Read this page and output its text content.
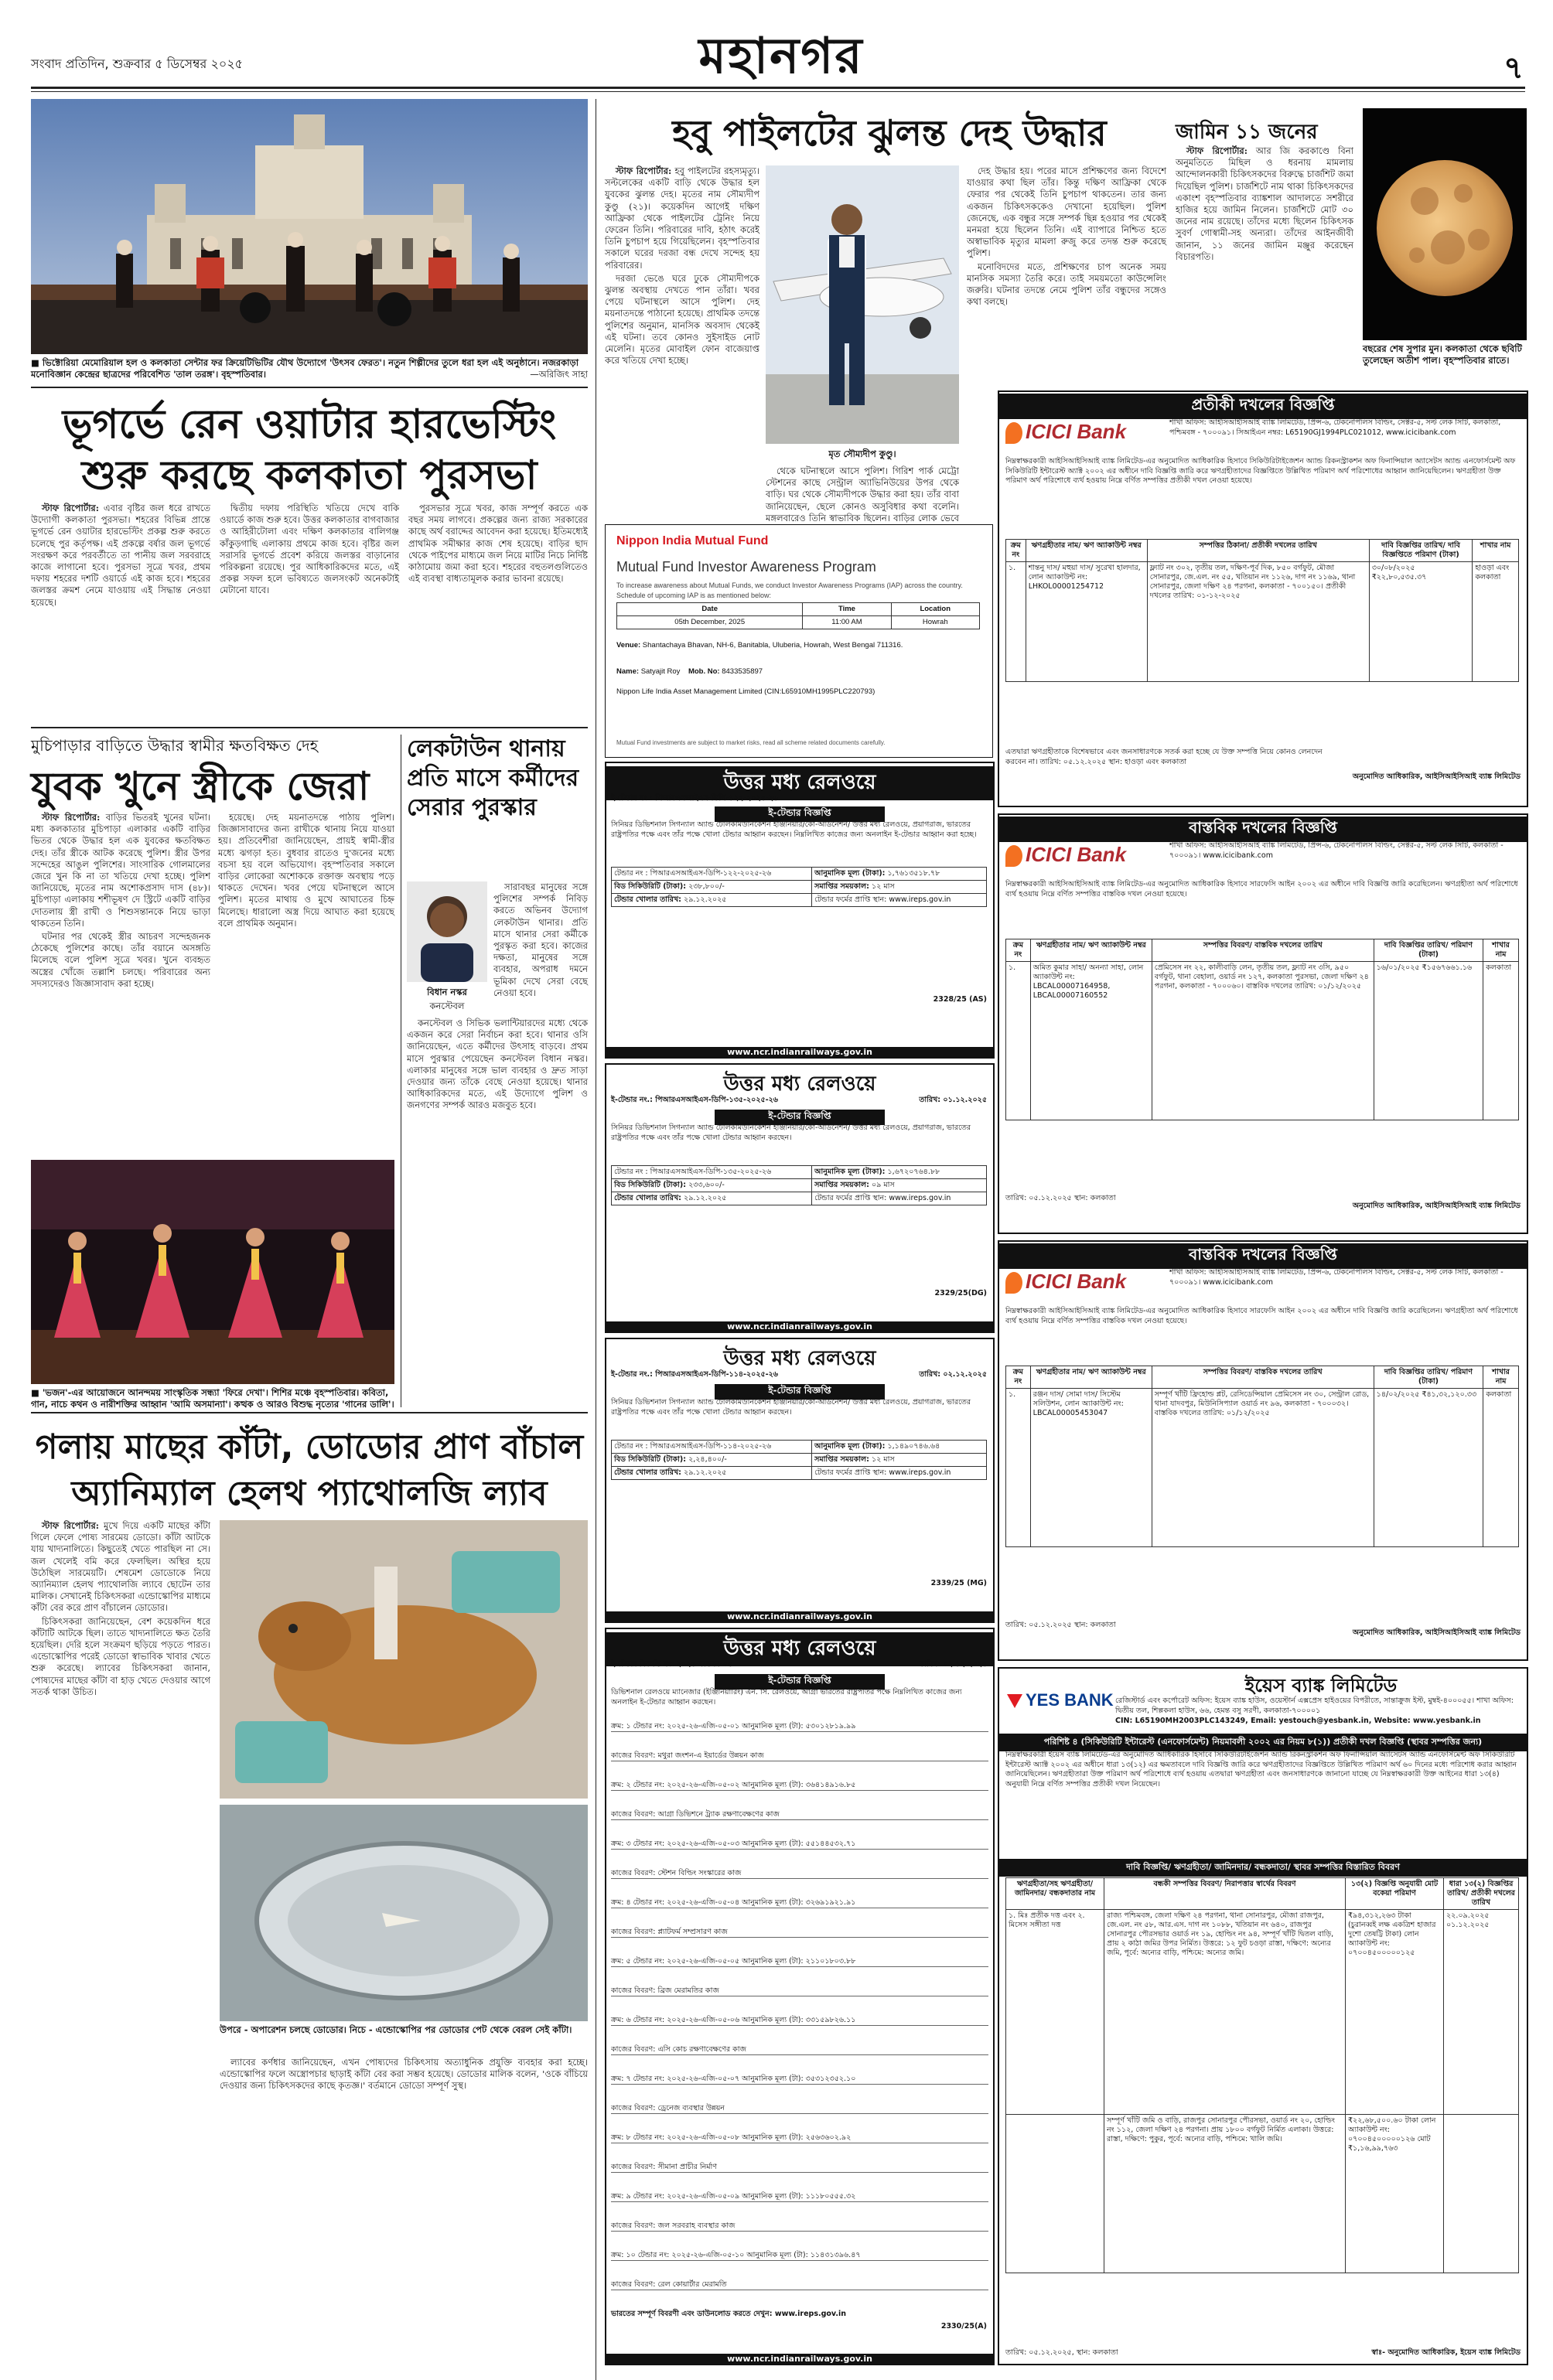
সংবাদ প্রতিদিন, শুক্রবার ৫ ডিসেম্বর ২০২৫	মহানগর	৭
■ ভিক্টোরিয়া মেমোরিয়াল হল ও কলকাতা সেন্টার ফর ক্রিয়েটিভিটির যৌথ উদ্যোগে 'উৎসব ফেরত'। নতুন শিল্পীদের তুলে ধরা হল এই অনুষ্ঠানে। নজরকাড়া মনোবিজ্ঞান কেন্দ্রের ছাত্রদের পরিবেশিত 'তাল তরঙ্গ'। বৃহস্পতিবার।	—অরিজিৎ সাহা
হবু পাইলটের ঝুলন্ত দেহ উদ্ধার

স্টাফ রিপোর্টার: হবু পাইলটের রহস্যমৃত্যু। সল্টলেকের একটি বাড়ি থেকে উদ্ধার হল যুবকের ঝুলন্ত দেহ। মৃতের নাম সৌম্যদীপ কুণ্ডু (২১)। কয়েকদিন আগেই দক্ষিণ আফ্রিকা থেকে পাইলটের ট্রেনিং নিয়ে ফেরেন তিনি। পরিবারের দাবি, হঠাৎ করেই তিনি চুপচাপ হয়ে গিয়েছিলেন। বৃহস্পতিবার সকালে ঘরের দরজা বন্ধ দেখে সন্দেহ হয় পরিবারের।

দরজা ভেঙে ঘরে ঢুকে সৌম্যদীপকে ঝুলন্ত অবস্থায় দেখতে পান তাঁরা। খবর পেয়ে ঘটনাস্থলে আসে পুলিশ। দেহ ময়নাতদন্তে পাঠানো হয়েছে। প্রাথমিক তদন্তে পুলিশের অনুমান, মানসিক অবসাদ থেকেই এই ঘটনা। তবে কোনও সুইসাইড নোট মেলেনি। মৃতের মোবাইল ফোন বাজেয়াপ্ত করে খতিয়ে দেখা হচ্ছে।

মৃত সৌম্যদীপ কুণ্ডু।

থেকে ঘটনাস্থলে আসে পুলিশ। গিরিশ পার্ক মেট্রো স্টেশনের কাছে সেন্ট্রাল অ্যাভিনিউয়ের উপর থেকে বাড়ি। ঘর থেকে সৌম্যদীপকে উদ্ধার করা হয়। তাঁর বাবা জানিয়েছেন, ছেলে কোনও অসুবিধার কথা বলেনি। মঙ্গলবারেও তিনি স্বাভাবিক ছিলেন। বাড়ির লোক ভেবে

দেহ উদ্ধার হয়। পরের মাসে প্রশিক্ষণের জন্য বিদেশে যাওয়ার কথা ছিল তাঁর। কিন্তু দক্ষিণ আফ্রিকা থেকে ফেরার পর থেকেই তিনি চুপচাপ থাকতেন। তার জন্য একজন চিকিৎসককেও দেখানো হয়েছিল। পুলিশ জেনেছে, এক বন্ধুর সঙ্গে সম্পর্ক ছিন্ন হওয়ার পর থেকেই মনমরা হয়ে ছিলেন তিনি। এই ব্যাপারে নিশ্চিত হতে অস্বাভাবিক মৃত্যুর মামলা রুজু করে তদন্ত শুরু করেছে পুলিশ।

মনোবিদদের মতে, প্রশিক্ষণের চাপ অনেক সময় মানসিক সমস্যা তৈরি করে। তাই সময়মতো কাউন্সেলিং জরুরি। ঘটনার তদন্তে নেমে পুলিশ তাঁর বন্ধুদের সঙ্গেও কথা বলছে।

জামিন ১১ জনের

স্টাফ রিপোর্টার: আর জি করকাণ্ডে বিনা অনুমতিতে মিছিল ও ধরনায় মামলায় আন্দোলনকারী চিকিৎসকদের বিরুদ্ধে চার্জশিট জমা দিয়েছিল পুলিশ। চার্জশিটে নাম থাকা চিকিৎসকদের একাংশ বৃহস্পতিবার ব্যাঙ্কশাল আদালতে সশরীরে হাজির হয়ে জামিন নিলেন। চার্জশিটে মোট ৩০ জনের নাম রয়েছে। তাঁদের মধ্যে ছিলেন চিকিৎসক সুবর্ণ গোস্বামী-সহ অন্যরা। তাঁদের আইনজীবী জানান, ১১ জনের জামিন মঞ্জুর করেছেন বিচারপতি।

বছরের শেষ সুপার মুন। কলকাতা থেকে ছবিটি তুলেছেন অতীশ পাল। বৃহস্পতিবার রাতে।
ভূগর্ভে রেন ওয়াটার হারভেস্টিং
শুরু করছে কলকাতা পুরসভা

স্টাফ রিপোর্টার: এবার বৃষ্টির জল ধরে রাখতে উদ্যোগী কলকাতা পুরসভা। শহরের বিভিন্ন প্রান্তে ভূগর্ভে রেন ওয়াটার হারভেস্টিং প্রকল্প শুরু করতে চলেছে পুর কর্তৃপক্ষ। এই প্রকল্পে বর্ষার জল ভূগর্ভে সংরক্ষণ করে পরবর্তীতে তা পানীয় জল সরবরাহে কাজে লাগানো হবে। পুরসভা সূত্রে খবর, প্রথম দফায় শহরের দশটি ওয়ার্ডে এই কাজ হবে। শহরের জলস্তর ক্রমশ নেমে যাওয়ায় এই সিদ্ধান্ত নেওয়া হয়েছে।

দ্বিতীয় দফায় পরিস্থিতি খতিয়ে দেখে বাকি ওয়ার্ডে কাজ শুরু হবে। উত্তর কলকাতার বাগবাজার ও আহিরীটোলা এবং দক্ষিণ কলকাতার বালিগঞ্জ কাঁকুড়গাছি এলাকায় প্রথমে কাজ হবে। বৃষ্টির জল সরাসরি ভূগর্ভে প্রবেশ করিয়ে জলস্তর বাড়ানোর পরিকল্পনা রয়েছে। পুর আধিকারিকদের মতে, এই প্রকল্প সফল হলে ভবিষ্যতে জলসংকট অনেকটাই মেটানো যাবে।

পুরসভার সূত্রে খবর, কাজ সম্পূর্ণ করতে এক বছর সময় লাগবে। প্রকল্পের জন্য রাজ্য সরকারের কাছে অর্থ বরাদ্দের আবেদন করা হয়েছে। ইতিমধ্যেই প্রাথমিক সমীক্ষার কাজ শেষ হয়েছে। বাড়ির ছাদ থেকে পাইপের মাধ্যমে জল নিয়ে মাটির নিচে নির্দিষ্ট কাঠামোয় জমা করা হবে। শহরের বহুতলগুলিতেও এই ব্যবস্থা বাধ্যতামূলক করার ভাবনা রয়েছে।

মুচিপাড়ার বাড়িতে উদ্ধার স্বামীর ক্ষতবিক্ষত দেহ
যুবক খুনে স্ত্রীকে জেরা

স্টাফ রিপোর্টার: বাড়ির ভিতরই খুনের ঘটনা। মধ্য কলকাতার মুচিপাড়া এলাকার একটি বাড়ির ভিতর থেকে উদ্ধার হল এক যুবকের ক্ষতবিক্ষত দেহ। তাঁর স্ত্রীকে আটক করেছে পুলিশ। স্ত্রীর উপর সন্দেহের আঙুল পুলিশের। সাংসারিক গোলমালের জেরে খুন কি না তা খতিয়ে দেখা হচ্ছে। পুলিশ জানিয়েছে, মৃতের নাম অশোকপ্রসাদ দাস (৪৮)। মুচিপাড়া এলাকায় শশীভূষণ দে স্ট্রিটে একটি বাড়ির দোতলায় স্ত্রী রাখী ও শিশুসন্তানকে নিয়ে ভাড়া থাকতেন তিনি।

ঘটনার পর থেকেই স্ত্রীর আচরণ সন্দেহজনক ঠেকেছে পুলিশের কাছে। তাঁর বয়ানে অসঙ্গতি মিলেছে বলে পুলিশ সূত্রে খবর। খুনে ব্যবহৃত অস্ত্রের খোঁজে তল্লাশি চলছে। পরিবারের অন্য সদস্যদেরও জিজ্ঞাসাবাদ করা হচ্ছে।

হয়েছে। দেহ ময়নাতদন্তে পাঠায় পুলিশ। জিজ্ঞাসাবাদের জন্য রাখীকে থানায় নিয়ে যাওয়া হয়। প্রতিবেশীরা জানিয়েছেন, প্রায়ই স্বামী-স্ত্রীর মধ্যে ঝগড়া হত। বুধবার রাতেও দু'জনের মধ্যে বচসা হয় বলে অভিযোগ। বৃহস্পতিবার সকালে বাড়ির লোকেরা অশোককে রক্তাক্ত অবস্থায় পড়ে থাকতে দেখেন। খবর পেয়ে ঘটনাস্থলে আসে পুলিশ। মৃতের মাথায় ও মুখে আঘাতের চিহ্ন মিলেছে। ধারালো অস্ত্র দিয়ে আঘাত করা হয়েছে বলে প্রাথমিক অনুমান।

লেকটাউন থানায় প্রতি মাসে কর্মীদের সেরার পুরস্কার
বিধান নস্কর
কনস্টেবল

সারাবছর মানুষের সঙ্গে পুলিশের সম্পর্ক নিবিড় করতে অভিনব উদ্যোগ লেকটাউন থানার। প্রতি মাসে থানার সেরা কর্মীকে পুরস্কৃত করা হবে। কাজের দক্ষতা, মানুষের সঙ্গে ব্যবহার, অপরাধ দমনে ভূমিকা দেখে সেরা বেছে নেওয়া হবে।

কনস্টেবল ও সিভিক ভলান্টিয়ারদের মধ্যে থেকে একজন করে সেরা নির্বাচন করা হবে। থানার ওসি জানিয়েছেন, এতে কর্মীদের উৎসাহ বাড়বে। প্রথম মাসে পুরস্কার পেয়েছেন কনস্টেবল বিধান নস্কর। এলাকার মানুষের সঙ্গে ভাল ব্যবহার ও দ্রুত সাড়া দেওয়ার জন্য তাঁকে বেছে নেওয়া হয়েছে। থানার আধিকারিকদের মতে, এই উদ্যোগে পুলিশ ও জনগণের সম্পর্ক আরও মজবুত হবে।

■ 'ভজন'-এর আয়োজনে আনন্দময় সাংস্কৃতিক সন্ধ্যা 'ফিরে দেখা'। শিশির মঞ্চে বৃহস্পতিবার। কবিতা, গান, নাচে কথন ও নারীশক্তির আহ্বান 'আমি অসমান্যা'। কত্থক ও আরও বিশুদ্ধ নৃত্যের 'গানের ডালি'।
গলায় মাছের কাঁটা, ডোডোর প্রাণ বাঁচাল
অ্যানিম্যাল হেলথ প্যাথোলজি ল্যাব

স্টাফ রিপোর্টার: মুখে দিয়ে একটি মাছের কাঁটা গিলে ফেলে পোষ্য সারমেয় ডোডো। কাঁটা আটকে যায় খাদ্যনালিতে। কিছুতেই খেতে পারছিল না সে। জল খেলেই বমি করে ফেলছিল। অস্থির হয়ে উঠেছিল সারমেয়টি। শেষমেশ ডোডোকে নিয়ে অ্যানিম্যাল হেলথ প্যাথোলজি ল্যাবে ছোটেন তার মালিক। সেখানেই চিকিৎসকরা এন্ডোস্কোপির মাধ্যমে কাঁটা বের করে প্রাণ বাঁচালেন ডোডোর।

চিকিৎসকরা জানিয়েছেন, বেশ কয়েকদিন ধরে কাঁটাটি আটকে ছিল। তাতে খাদ্যনালিতে ক্ষত তৈরি হয়েছিল। দেরি হলে সংক্রমণ ছড়িয়ে পড়তে পারত। এন্ডোস্কোপির পরেই ডোডো স্বাভাবিক খাবার খেতে শুরু করেছে। ল্যাবের চিকিৎসকরা জানান, পোষ্যদের মাছের কাঁটা বা হাড় খেতে দেওয়ার আগে সতর্ক থাকা উচিত।

উপরে - অপারেশন চলছে ডোডোর। নিচে - এন্ডোস্কোপির পর ডোডোর পেট থেকে বেরল সেই কাঁটা।

ল্যাবের কর্ণধার জানিয়েছেন, এখন পোষ্যদের চিকিৎসায় অত্যাধুনিক প্রযুক্তি ব্যবহার করা হচ্ছে। এন্ডোস্কোপির ফলে অস্ত্রোপচার ছাড়াই কাঁটা বের করা সম্ভব হয়েছে। ডোডোর মালিক বলেন, 'ওকে বাঁচিয়ে দেওয়ার জন্য চিকিৎসকদের কাছে কৃতজ্ঞ।' বর্তমানে ডোডো সম্পূর্ণ সুস্থ।

Nippon India Mutual Fund
Mutual Fund Investor Awareness Program
To increase awareness about Mutual Funds, we conduct Investor Awareness Programs (IAP) across the country. Schedule of upcoming IAP is as mentioned below:
Date	Time	Location
05th December, 2025	11:00 AM	Howrah
Venue: Shantachaya Bhavan, NH-6, Banitabla, Uluberia, Howrah, West Bengal 711316.
Name: Satyajit Roy Mob. No: 8433535897
Nippon Life India Asset Management Limited (CIN:L65910MH1995PLC220793)
Mutual Fund investments are subject to market risks, read all scheme related documents carefully.
উত্তর মধ্য রেলওয়ে
ই-টেন্ডার নং.: পিআরএসআইএস-ডিপি-১২২-২০২৫-২৬
ই-টেন্ডার বিজ্ঞপ্তি
সিনিয়র ডিভিশনাল সিগন্যাল অ্যান্ড টেলিকমিউনিকেশন ইঞ্জিনিয়ার/কো-অর্ডিনেশন/ উত্তর মধ্য রেলওয়ে, প্রয়াগরাজ, ভারতের রাষ্ট্রপতির পক্ষে এবং তাঁর পক্ষে খোলা টেন্ডার আহ্বান করছেন। নিম্নলিখিত কাজের জন্য অনলাইন ই-টেন্ডার আহ্বান করা হচ্ছে।
টেন্ডার নং : পিআরএসআইএস-ডিপি-১২২-২০২৫-২৬	আনুমানিক মূল্য (টাকা): ১,৭৬১৩৫১৮.৭৮
বিড সিকিউরিটি (টাকা): ২৩৮,৮০০/-	সমাপ্তির সময়কাল: ১২ মাস
টেন্ডার খোলার তারিখ: ২৯.১২.২০২৫	টেন্ডার ফর্মের প্রাপ্তি স্থান: www.ireps.gov.in
2328/25 (AS)
www.ncr.indianrailways.gov.in
উত্তর মধ্য রেলওয়ে
ই-টেন্ডার নং.: পিআরএসআইএস-ডিপি-১৩৫-২০২৫-২৬	তারিখ: ০১.১২.২০২৫
ই-টেন্ডার বিজ্ঞপ্তি
সিনিয়র ডিভিশনাল সিগন্যাল অ্যান্ড টেলিকমিউনিকেশন ইঞ্জিনিয়ার/কো-অর্ডিনেশন/ উত্তর মধ্য রেলওয়ে, প্রয়াগরাজ, ভারতের রাষ্ট্রপতির পক্ষে এবং তাঁর পক্ষে খোলা টেন্ডার আহ্বান করছেন।
টেন্ডার নং : পিআরএসআইএস-ডিপি-১৩৫-২০২৫-২৬	আনুমানিক মূল্য (টাকা): ১,৬৭২০৭৬৪.৮৮
বিড সিকিউরিটি (টাকা): ২৩৩,৬০০/-	সমাপ্তির সময়কাল: ০৯ মাস
টেন্ডার খোলার তারিখ: ২৯.১২.২০২৫	টেন্ডার ফর্মের প্রাপ্তি স্থান: www.ireps.gov.in
2329/25(DG)
www.ncr.indianrailways.gov.in
উত্তর মধ্য রেলওয়ে
ই-টেন্ডার নং.: পিআরএসআইএস-ডিপি-১১৪-২০২৫-২৬	তারিখ: ০২.১২.২০২৫
ই-টেন্ডার বিজ্ঞপ্তি
সিনিয়র ডিভিশনাল সিগন্যাল অ্যান্ড টেলিকমিউনিকেশন ইঞ্জিনিয়ার/কো-অর্ডিনেশন/ উত্তর মধ্য রেলওয়ে, প্রয়াগরাজ, ভারতের রাষ্ট্রপতির পক্ষে এবং তাঁর পক্ষে খোলা টেন্ডার আহ্বান করছেন।
টেন্ডার নং : পিআরএসআইএস-ডিপি-১১৪-২০২৫-২৬	আনুমানিক মূল্য (টাকা): ১,১৪৯০৭৪৬.৬৪
বিড সিকিউরিটি (টাকা): ২,২৪,৪০০/-	সমাপ্তির সময়কাল: ১২ মাস
টেন্ডার খোলার তারিখ: ২৯.১২.২০২৫	টেন্ডার ফর্মের প্রাপ্তি স্থান: www.ireps.gov.in
2339/25 (MG)
www.ncr.indianrailways.gov.in
উত্তর মধ্য রেলওয়ে
ই-টেন্ডার বিজ্ঞপ্তি নং: ২০২৫-নভেম্বর-০৫	তারিখ: ০২.১২.২০২৫
ই-টেন্ডার বিজ্ঞপ্তি
ডিভিশনাল রেলওয়ে ম্যানেজার (ইঞ্জিনিয়ারিং) এন. সি. রেলওয়ে, আগ্রা ভারতের রাষ্ট্রপতির পক্ষে নিম্নলিখিত কাজের জন্য অনলাইন ই-টেন্ডার আহ্বান করছেন।
ক্রম: ১ টেন্ডার নং: ২০২৫-২৬-এজি-০৫-০১ আনুমানিক মূল্য (টা): ৫৩০১২৮১৯.৯৯
কাজের বিবরণ: মথুরা জংশন-এ ইয়ার্ডের উন্নয়ন কাজ
ক্রম: ২ টেন্ডার নং: ২০২৫-২৬-এজি-০৫-০২ আনুমানিক মূল্য (টা): ৩৬৪১৪৯১৬.৮৫
কাজের বিবরণ: আগ্রা ডিভিশনে ট্র্যাক রক্ষণাবেক্ষণের কাজ
ক্রম: ৩ টেন্ডার নং: ২০২৫-২৬-এজি-০৫-০৩ আনুমানিক মূল্য (টা): ৫৫১৪৪৫৩২.৭১
কাজের বিবরণ: স্টেশন বিল্ডিং সংস্কারের কাজ
ক্রম: ৪ টেন্ডার নং: ২০২৫-২৬-এজি-০৫-০৪ আনুমানিক মূল্য (টা): ৩২৬৯১৯২১.৯১
কাজের বিবরণ: প্ল্যাটফর্ম সম্প্রসারণ কাজ
ক্রম: ৫ টেন্ডার নং: ২০২৫-২৬-এজি-০৫-০৫ আনুমানিক মূল্য (টা): ২১১০১৮০৩.৮৮
কাজের বিবরণ: ব্রিজ মেরামতির কাজ
ক্রম: ৬ টেন্ডার নং: ২০২৫-২৬-এজি-০৫-০৬ আনুমানিক মূল্য (টা): ৩৩১৫৯৮২৬.১১
কাজের বিবরণ: এসি কোচ রক্ষণাবেক্ষণের কাজ
ক্রম: ৭ টেন্ডার নং: ২০২৫-২৬-এজি-০৫-০৭ আনুমানিক মূল্য (টা): ৩৫৩১২৩৫২.১০
কাজের বিবরণ: ড্রেনেজ ব্যবস্থার উন্নয়ন
ক্রম: ৮ টেন্ডার নং: ২০২৫-২৬-এজি-০৫-০৮ আনুমানিক মূল্য (টা): ২৫৬৩৬০২.৯২
কাজের বিবরণ: সীমানা প্রাচীর নির্মাণ
ক্রম: ৯ টেন্ডার নং: ২০২৫-২৬-এজি-০৫-০৯ আনুমানিক মূল্য (টা): ১১১৮০৫৫৫.৩২
কাজের বিবরণ: জল সরবরাহ ব্যবস্থার কাজ
ক্রম: ১০ টেন্ডার নং: ২০২৫-২৬-এজি-০৫-১০ আনুমানিক মূল্য (টা): ১১৪৩১৩৯৬.৪৭
কাজের বিবরণ: রেল কোয়ার্টার মেরামতি
ভারতের সম্পূর্ণ বিবরণী এবং ডাউনলোড করতে দেখুন: www.ireps.gov.in
2330/25(A)
www.ncr.indianrailways.gov.in
প্রতীকী দখলের বিজ্ঞপ্তি
ICICI Bank	শাখা অফিস: আইসিআইসিআই ব্যাঙ্ক লিমিটেড, প্রিন্স-৬, টেকনোপলিস বিল্ডিং, সেক্টর-৫, সল্ট লেক সিটি, কলকাতা, পশ্চিমবঙ্গ - ৭০০০৯১। সিআইএন নম্বর: L65190GJ1994PLC021012, www.icicibank.com
নিম্নস্বাক্ষরকারী আইসিআইসিআই ব্যাঙ্ক লিমিটেড-এর অনুমোদিত আধিকারিক হিসাবে সিকিউরিটাইজেশন অ্যান্ড রিকনস্ট্রাকশন অফ ফিনান্সিয়াল অ্যাসেটস অ্যান্ড এনফোর্সমেন্ট অফ সিকিউরিটি ইন্টারেস্ট অ্যাক্ট ২০০২ এর অধীনে দাবি বিজ্ঞপ্তি জারি করে ঋণগ্রহীতাদের বিজ্ঞপ্তিতে উল্লিখিত পরিমাণ অর্থ পরিশোধের আহ্বান জানিয়েছিলেন। ঋণগ্রহীতা উক্ত পরিমাণ অর্থ পরিশোধে ব্যর্থ হওয়ায় নিম্নে বর্ণিত সম্পত্তির প্রতীকী দখল নেওয়া হয়েছে।
ক্রম নং	ঋণগ্রহীতার নাম/ ঋণ অ্যাকাউন্ট নম্বর	সম্পত্তির ঠিকানা/ প্রতীকী দখলের তারিখ	দাবি বিজ্ঞপ্তির তারিখ/ দাবি বিজ্ঞপ্তিতে পরিমাণ (টাকা)	শাখার নাম
১.	শান্তনু দাস/ মহুয়া দাস/ সুরেখা হালদার, লোন অ্যাকাউন্ট নং: LHKOL00001254712	ফ্ল্যাট নং ৩০২, তৃতীয় তল, দক্ষিণ-পূর্ব দিক, ৮৫০ বর্গফুট, মৌজা সোনারপুর, জে.এল. নং ৫৫, খতিয়ান নং ১১২৬, দাগ নং ১১৬৯, থানা সোনারপুর, জেলা দক্ষিণ ২৪ পরগনা, কলকাতা - ৭০০১৫০। প্রতীকী দখলের তারিখ: ০১-১২-২০২৫	৩০/০৮/২০২৫ ₹২২,৮০,৫৩৫.৩৭	হাওড়া এবং কলকাতা
এতদ্বারা ঋণগ্রহীতাকে বিশেষভাবে এবং জনসাধারণকে সতর্ক করা হচ্ছে যে উক্ত সম্পত্তি নিয়ে কোনও লেনদেন করবেন না। তারিখ: ০৫.১২.২০২৫ স্থান: হাওড়া এবং কলকাতা
অনুমোদিত আধিকারিক, আইসিআইসিআই ব্যাঙ্ক লিমিটেড
বাস্তবিক দখলের বিজ্ঞপ্তি
ICICI Bank	শাখা অফিস: আইসিআইসিআই ব্যাঙ্ক লিমিটেড, প্রিন্স-৬, টেকনোপলিস বিল্ডিং, সেক্টর-৫, সল্ট লেক সিটি, কলকাতা - ৭০০০৯১। www.icicibank.com
নিম্নস্বাক্ষরকারী আইসিআইসিআই ব্যাঙ্ক লিমিটেড-এর অনুমোদিত আধিকারিক হিসাবে সারফেসি আইন ২০০২ এর অধীনে দাবি বিজ্ঞপ্তি জারি করেছিলেন। ঋণগ্রহীতা অর্থ পরিশোধে ব্যর্থ হওয়ায় নিম্নে বর্ণিত সম্পত্তির বাস্তবিক দখল নেওয়া হয়েছে।
ক্রম নং	ঋণগ্রহীতার নাম/ ঋণ অ্যাকাউন্ট নম্বর	সম্পত্তির বিবরণ/ বাস্তবিক দখলের তারিখ	দাবি বিজ্ঞপ্তির তারিখ/ পরিমাণ (টাকা)	শাখার নাম
১.	অমিত কুমার সাহা/ অনন্যা সাহা, লোন অ্যাকাউন্ট নং: LBCAL00007164958, LBCAL00007160552	প্রেমিসেস নং ২২, কালীবাড়ি লেন, তৃতীয় তল, ফ্ল্যাট নং ৩সি, ৯৫০ বর্গফুট, থানা বেহালা, ওয়ার্ড নং ১২৭, কলকাতা পুরসভা, জেলা দক্ষিণ ২৪ পরগনা, কলকাতা - ৭০০০৬০। বাস্তবিক দখলের তারিখ: ০১/১২/২০২৫	১৬/০১/২০২৫ ₹১৫৬৭৬৬১.১৬	কলকাতা
তারিখ: ০৫.১২.২০২৫ স্থান: কলকাতা
অনুমোদিত আধিকারিক, আইসিআইসিআই ব্যাঙ্ক লিমিটেড
বাস্তবিক দখলের বিজ্ঞপ্তি
ICICI Bank	শাখা অফিস: আইসিআইসিআই ব্যাঙ্ক লিমিটেড, প্রিন্স-৬, টেকনোপলিস বিল্ডিং, সেক্টর-৫, সল্ট লেক সিটি, কলকাতা - ৭০০০৯১। www.icicibank.com
নিম্নস্বাক্ষরকারী আইসিআইসিআই ব্যাঙ্ক লিমিটেড-এর অনুমোদিত আধিকারিক হিসাবে সারফেসি আইন ২০০২ এর অধীনে দাবি বিজ্ঞপ্তি জারি করেছিলেন। ঋণগ্রহীতা অর্থ পরিশোধে ব্যর্থ হওয়ায় নিম্নে বর্ণিত সম্পত্তির বাস্তবিক দখল নেওয়া হয়েছে।
ক্রম নং	ঋণগ্রহীতার নাম/ ঋণ অ্যাকাউন্ট নম্বর	সম্পত্তির বিবরণ/ বাস্তবিক দখলের তারিখ	দাবি বিজ্ঞপ্তির তারিখ/ পরিমাণ (টাকা)	শাখার নাম
১.	রঞ্জন দাস/ সোমা দাস/ সিস্টেম সলিউশন, লোন অ্যাকাউন্ট নং: LBCAL00005453047	সম্পূর্ণ খাঁটি ফ্রিহোল্ড প্লট, রেসিডেন্সিয়াল প্রেমিসেস নং ৩০, সেন্ট্রাল রোড, থানা যাদবপুর, মিউনিসিপ্যাল ওয়ার্ড নং ৯৬, কলকাতা - ৭০০০৩২। বাস্তবিক দখলের তারিখ: ০১/১২/২০২৫	১৪/০২/২০২৫ ₹৪১,৩২,১২০.৩৩	কলকাতা
তারিখ: ০৫.১২.২০২৫ স্থান: কলকাতা
অনুমোদিত আধিকারিক, আইসিআইসিআই ব্যাঙ্ক লিমিটেড
YES BANK
ইয়েস ব্যাঙ্ক লিমিটেড
রেজিস্টার্ড এবং কর্পোরেট অফিস: ইয়েস ব্যাঙ্ক হাউস, ওয়েস্টার্ন এক্সপ্রেস হাইওয়ের বিপরীতে, সান্তাক্রুজ ইস্ট, মুম্বই-৪০০০৫৫। শাখা অফিস: দ্বিতীয় তল, শিল্পকলা হাউস, ৬৬, হেমন্ত বসু সরণী, কলকাতা-৭০০০০১
CIN: L65190MH2003PLC143249, Email: yestouch@yesbank.in, Website: www.yesbank.in
পরিশিষ্ট ৪ (সিকিউরিটি ইন্টারেস্ট (এনফোর্সমেন্ট) নিয়মাবলী ২০০২ এর নিয়ম ৮(১)) প্রতীকী দখল বিজ্ঞপ্তি (স্থাবর সম্পত্তির জন্য)
নিম্নস্বাক্ষরকারী ইয়েস ব্যাঙ্ক লিমিটেড-এর অনুমোদিত আধিকারিক হিসাবে সিকিউরিটাইজেশন অ্যান্ড রিকনস্ট্রাকশন অফ ফিনান্সিয়াল অ্যাসেটস অ্যান্ড এনফোর্সমেন্ট অফ সিকিউরিটি ইন্টারেস্ট অ্যাক্ট ২০০২ এর অধীনে ধারা ১৩(১২) এর ক্ষমতাবলে দাবি বিজ্ঞপ্তি জারি করে ঋণগ্রহীতাদের বিজ্ঞপ্তিতে উল্লিখিত পরিমাণ অর্থ ৬০ দিনের মধ্যে পরিশোধ করার আহ্বান জানিয়েছিলেন। ঋণগ্রহীতারা উক্ত পরিমাণ অর্থ পরিশোধে ব্যর্থ হওয়ায় এতদ্বারা ঋণগ্রহীতা এবং জনসাধারণকে জানানো যাচ্ছে যে নিম্নস্বাক্ষরকারী উক্ত আইনের ধারা ১৩(৪) অনুযায়ী নিম্নে বর্ণিত সম্পত্তির প্রতীকী দখল নিয়েছেন।
দাবি বিজ্ঞপ্তি/ ঋণগ্রহীতা/ জামিনদার/ বন্ধকদাতা/ স্থাবর সম্পত্তির বিস্তারিত বিবরণ
ঋণগ্রহীতা/সহ ঋণগ্রহীতা/ জামিনদার/ বন্ধকদাতার নাম	বন্ধকী সম্পত্তির বিবরণ/ নিরাপত্তার স্বার্থের বিবরণ	১৩(২) বিজ্ঞপ্তি অনুযায়ী মোট বকেয়া পরিমাণ	ধারা ১৩(২) বিজ্ঞপ্তির তারিখ/ প্রতীকী দখলের তারিখ
১. মিঃ প্রতীক দত্ত এবং ২. মিসেস সঙ্গীতা দত্ত	রাজ্য পশ্চিমবঙ্গ, জেলা দক্ষিণ ২৪ পরগনা, থানা সোনারপুর, মৌজা রাজপুর, জে.এল. নং ৫৮, আর.এস. দাগ নং ১০৮৮, খতিয়ান নং ৬৪০, রাজপুর সোনারপুর পৌরসভার ওয়ার্ড নং ১৯, হোল্ডিং নং ৯৪, সম্পূর্ণ খাঁটি দ্বিতল বাড়ি, প্রায় ২ কাঠা জমির উপর নির্মিত। উত্তরে: ১২ ফুট চওড়া রাস্তা, দক্ষিণে: অন্যের জমি, পূর্বে: অন্যের বাড়ি, পশ্চিমে: অন্যের জমি।	₹৯৪,৩১২,২৬৩ টাকা (চুরানব্বই লক্ষ একত্রিশ হাজার দুশো তেষট্টি টাকা) লোন অ্যাকাউন্ট নং: ০৭০০৪৫০০০০০১২৫	২২.০৯.২০২৫ ০১.১২.২০২৫
	সম্পূর্ণ খাঁটি জমি ও বাড়ি, রাজপুর সোনারপুর পৌরসভা, ওয়ার্ড নং ২০, হোল্ডিং নং ১১২, জেলা দক্ষিণ ২৪ পরগনা। প্রায় ১৮০০ বর্গফুট নির্মিত এলাকা। উত্তরে: রাস্তা, দক্ষিণে: পুকুর, পূর্বে: অন্যের বাড়ি, পশ্চিমে: খালি জমি।	₹২২,৬৮,৫০০.৬০ টাকা লোন অ্যাকাউন্ট নং: ০৭০০৪৫০০০০০১২৬ মোট ₹১,১৬,৯৯,৭৬৩	
তারিখ: ০৫.১২.২০২৫, স্থান: কলকাতা	স্বাঃ- অনুমোদিত আধিকারিক, ইয়েস ব্যাঙ্ক লিমিটেড
